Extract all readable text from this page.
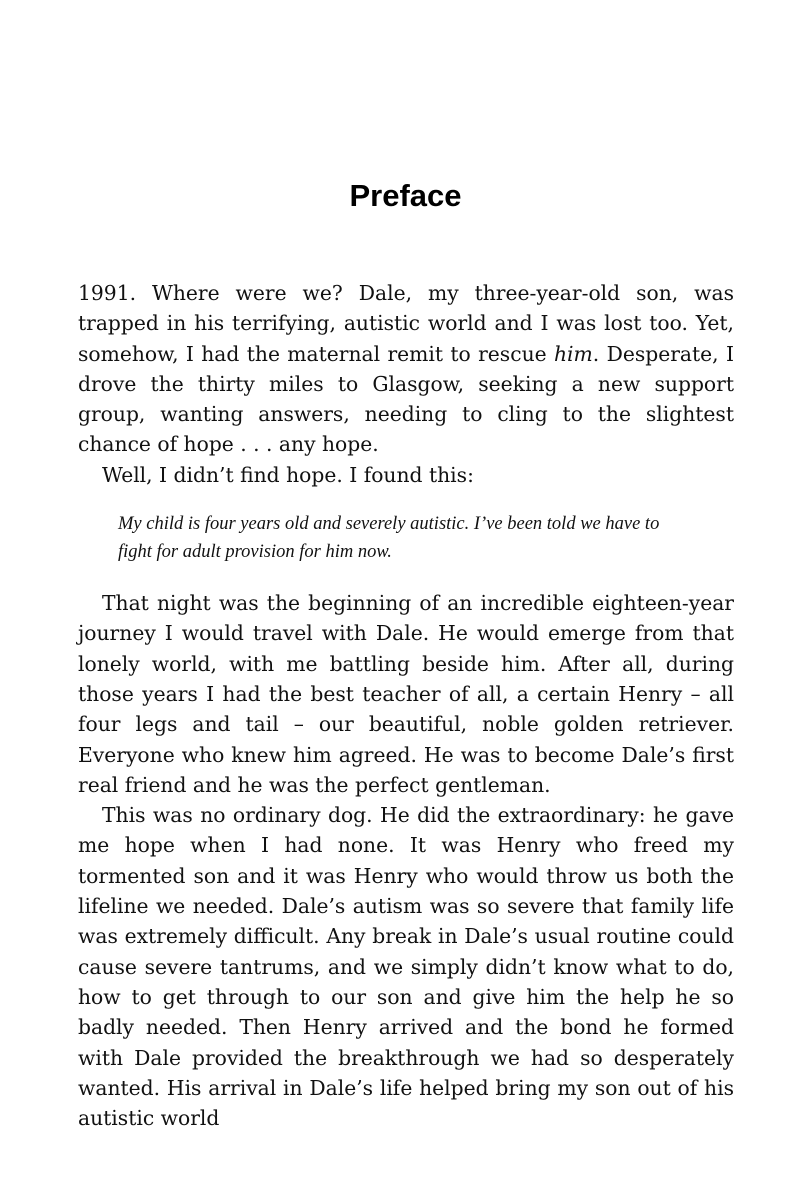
Preface

1991. Where were we? Dale, my three-year-old son, was trapped in his terrifying, autistic world and I was lost too. Yet, somehow, I had the maternal remit to rescue him. Desperate, I drove the thirty miles to Glasgow, seeking a new support group, wanting answers, needing to cling to the slightest chance of hope . . . any hope.

Well, I didn’t find hope. I found this:

My child is four years old and severely autistic. I’ve been told we have to fight for adult provision for him now.

That night was the beginning of an incredible eighteen-year journey I would travel with Dale. He would emerge from that lonely world, with me battling beside him. After all, during those years I had the best teacher of all, a certain Henry – all four legs and tail – our beautiful, noble golden retriever. Everyone who knew him agreed. He was to become Dale’s first real friend and he was the perfect gentleman.

This was no ordinary dog. He did the extraordinary: he gave me hope when I had none. It was Henry who freed my tormented son and it was Henry who would throw us both the lifeline we needed. Dale’s autism was so severe that family life was extremely difficult. Any break in Dale’s usual routine could cause severe tantrums, and we simply didn’t know what to do, how to get through to our son and give him the help he so badly needed. Then Henry arrived and the bond he formed with Dale provided the breakthrough we had so desperately wanted. His arrival in Dale’s life helped bring my son out of his autistic world
